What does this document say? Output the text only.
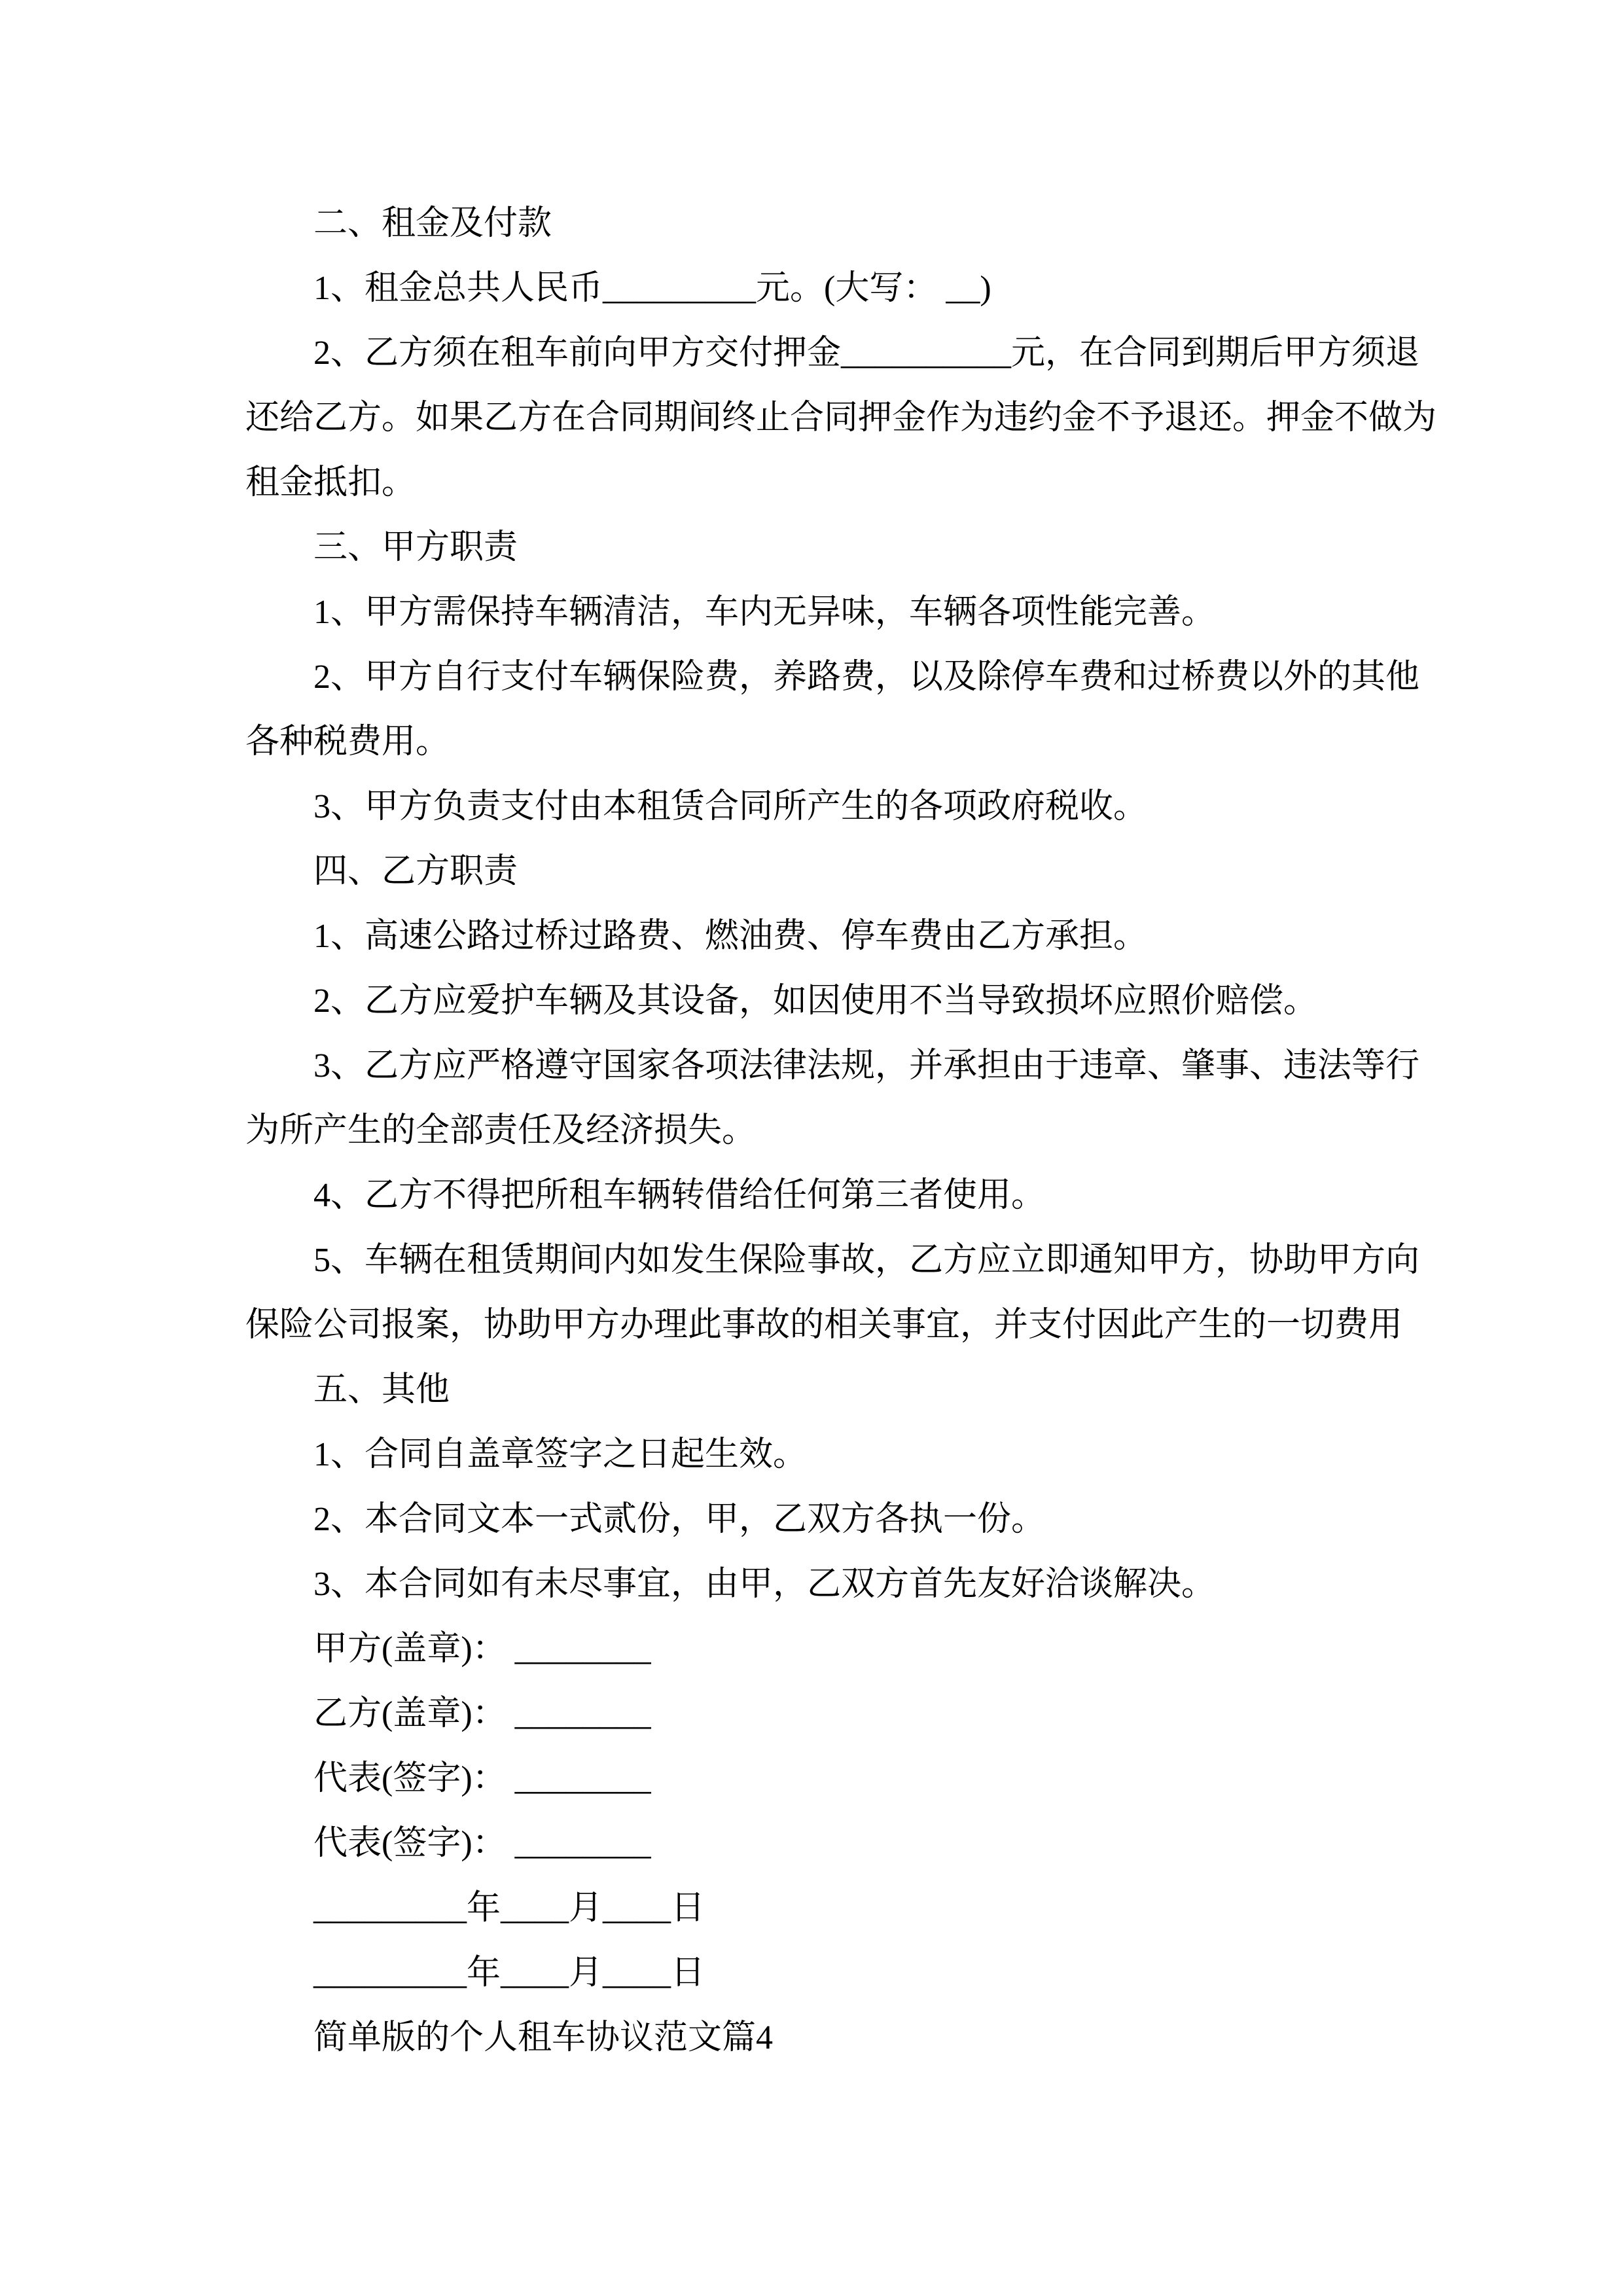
二、租金及付款

1、租金总共人民币_________元。(大写： __)

2、乙方须在租车前向甲方交付押金__________元，在合同到期后甲方须退还给乙方。如果乙方在合同期间终止合同押金作为违约金不予退还。押金不做为租金抵扣。

三、甲方职责

1、甲方需保持车辆清洁，车内无异味，车辆各项性能完善。

2、甲方自行支付车辆保险费，养路费，以及除停车费和过桥费以外的其他各种税费用。

3、甲方负责支付由本租赁合同所产生的各项政府税收。

四、乙方职责

1、高速公路过桥过路费、燃油费、停车费由乙方承担。

2、乙方应爱护车辆及其设备，如因使用不当导致损坏应照价赔偿。

3、乙方应严格遵守国家各项法律法规，并承担由于违章、肇事、违法等行为所产生的全部责任及经济损失。

4、乙方不得把所租车辆转借给任何第三者使用。

5、车辆在租赁期间内如发生保险事故，乙方应立即通知甲方，协助甲方向保险公司报案，协助甲方办理此事故的相关事宜，并支付因此产生的一切费用

五、其他

1、合同自盖章签字之日起生效。

2、本合同文本一式贰份，甲，乙双方各执一份。

3、本合同如有未尽事宜，由甲，乙双方首先友好洽谈解决。

甲方(盖章)： ________

乙方(盖章)： ________

代表(签字)： ________

代表(签字)： ________

_________年____月____日

_________年____月____日

简单版的个人租车协议范文篇4
